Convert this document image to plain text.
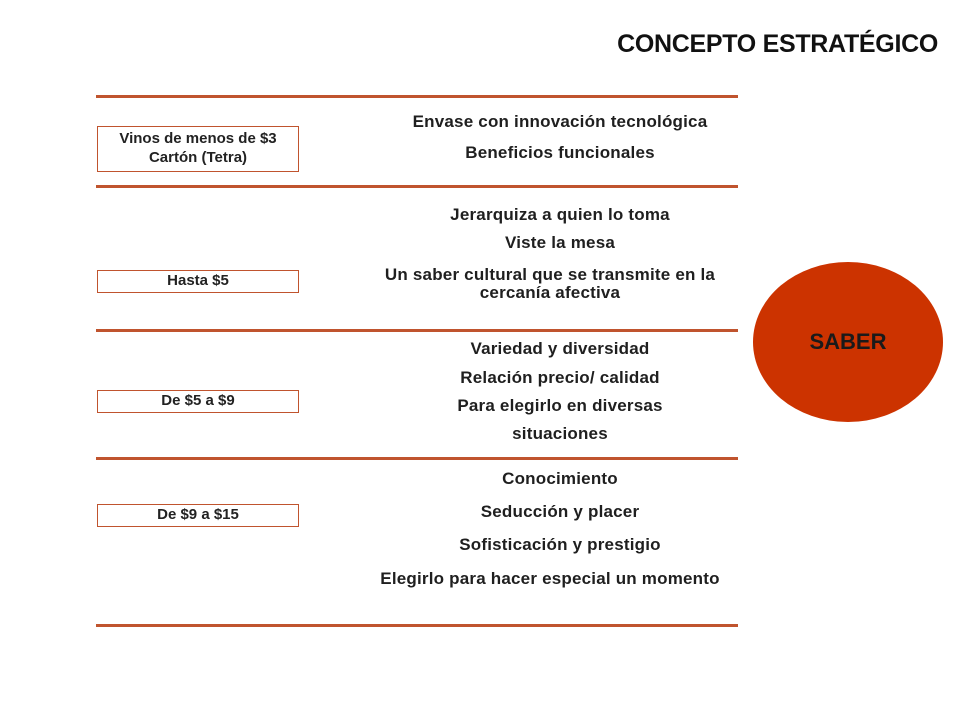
CONCEPTO ESTRATÉGICO
Vinos de menos de $3
Cartón (Tetra)
Envase con innovación tecnológica
Beneficios funcionales
Hasta $5
Jerarquiza a quien lo toma
Viste la mesa
Un saber cultural que se transmite en la cercanía afectiva
De $5 a $9
Variedad y diversidad
Relación precio/ calidad
Para elegirlo en diversas
situaciones
De $9 a $15
Conocimiento
Seducción y placer
Sofisticación y prestigio
Elegirlo para hacer especial un momento
SABER
